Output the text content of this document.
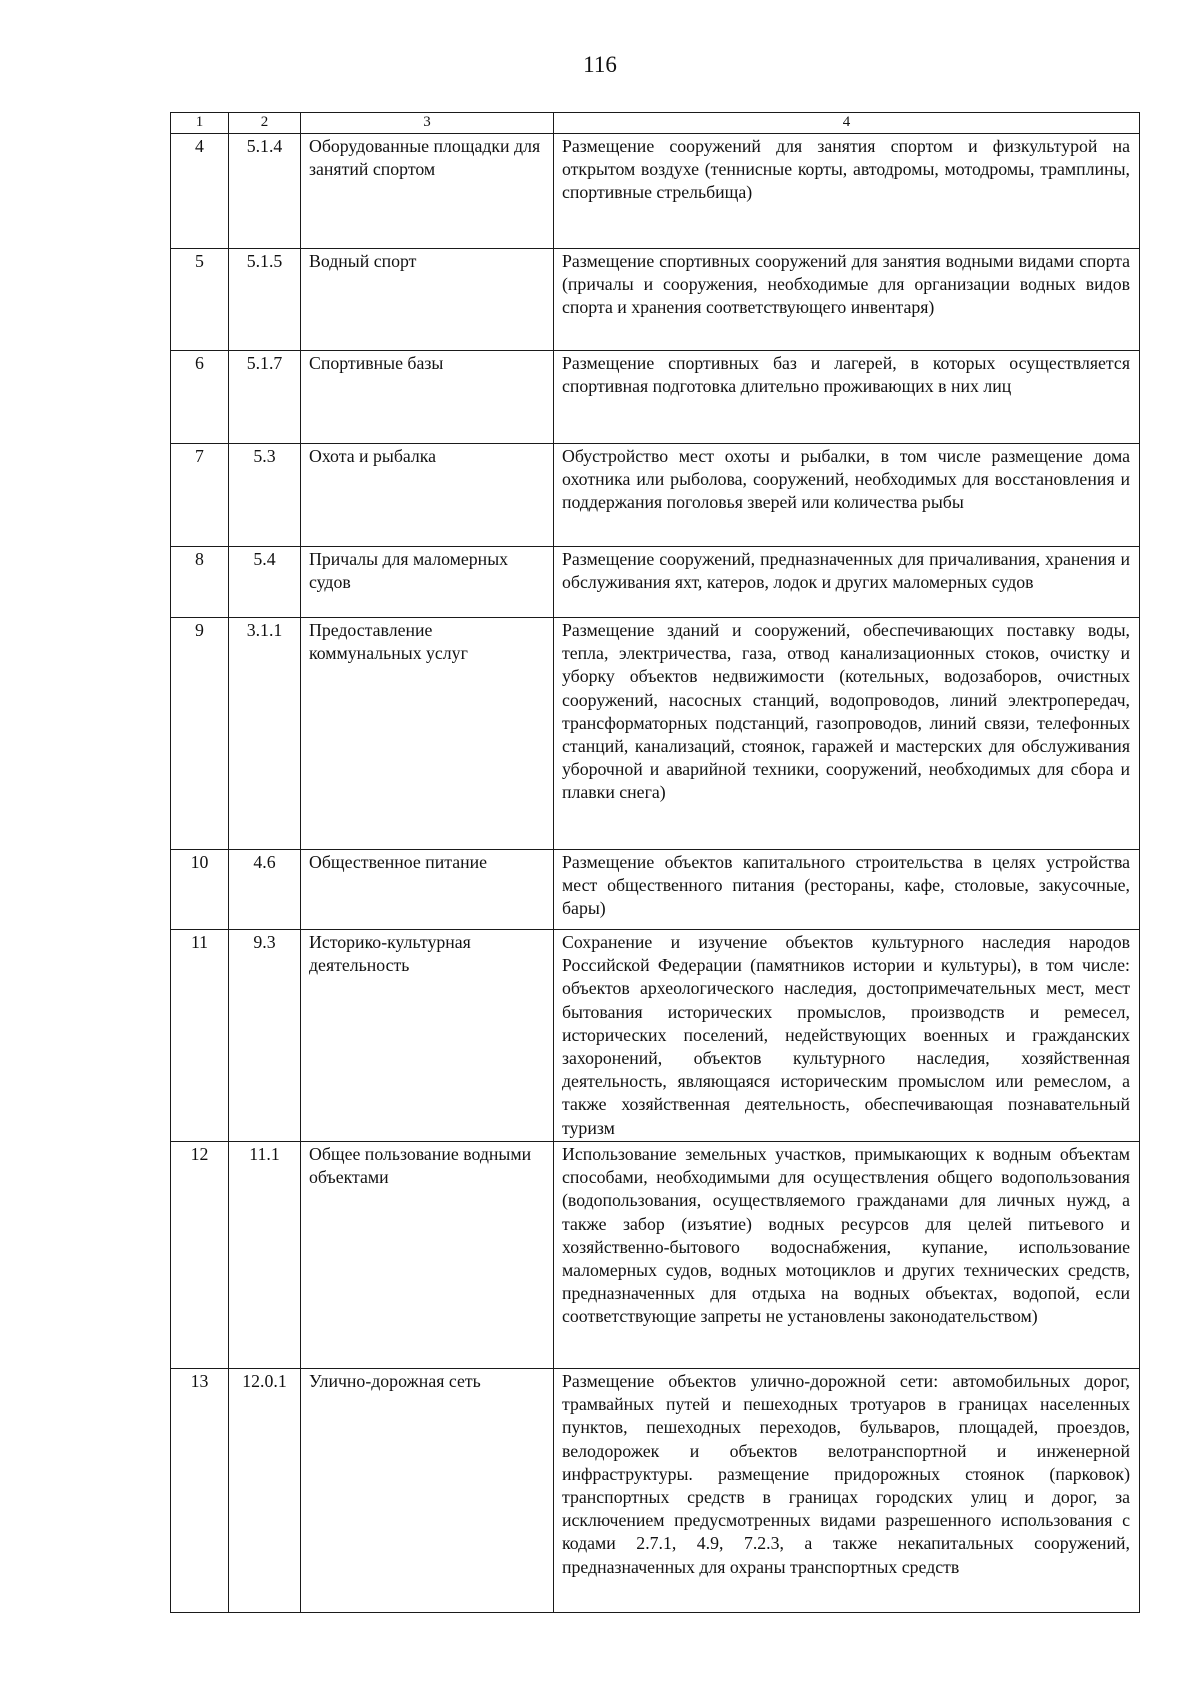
116
1	2	3	4
4	5.1.4	Оборудованные площадки для занятий спортом	Размещение сооружений для занятия спортом и физкультурой на открытом воздухе (теннисные корты, автодромы, мотодромы, трамплины, спортивные стрельбища)
5	5.1.5	Водный спорт	Размещение спортивных сооружений для занятия водными видами спорта (причалы и сооружения, необходимые для организации водных видов спорта и хранения соответствующего инвентаря)
6	5.1.7	Спортивные базы	Размещение спортивных баз и лагерей, в которых осуществляется спортивная подготовка длительно проживающих в них лиц
7	5.3	Охота и рыбалка	Обустройство мест охоты и рыбалки, в том числе размещение дома охотника или рыболова, сооружений, необходимых для восстановления и поддержания поголовья зверей или количества рыбы
8	5.4	Причалы для маломерных судов	Размещение сооружений, предназначенных для причаливания, хранения и обслуживания яхт, катеров, лодок и других маломерных судов
9	3.1.1	Предоставление коммунальных услуг	Размещение зданий и сооружений, обеспечивающих поставку воды, тепла, электричества, газа, отвод канализационных стоков, очистку и уборку объектов недвижимости (котельных, водозаборов, очистных сооружений, насосных станций, водопроводов, линий электропередач, трансформаторных подстанций, газопроводов, линий связи, телефонных станций, канализаций, стоянок, гаражей и мастерских для обслуживания уборочной и аварийной техники, сооружений, необходимых для сбора и плавки снега)
10	4.6	Общественное питание	Размещение объектов капитального строительства в целях устройства мест общественного питания (рестораны, кафе, столовые, закусочные, бары)
11	9.3	Историко-культурная деятельность	Сохранение и изучение объектов культурного наследия народов Российской Федерации (памятников истории и культуры), в том числе: объектов археологического наследия, достопримечательных мест, мест бытования исторических промыслов, производств и ремесел, исторических поселений, недействующих военных и гражданских захоронений, объектов культурного наследия, хозяйственная деятельность, являющаяся историческим промыслом или ремеслом, а также хозяйственная деятельность, обеспечивающая познавательный туризм
12	11.1	Общее пользование водными объектами	Использование земельных участков, примыкающих к водным объектам способами, необходимыми для осуществления общего водопользования (водопользования, осуществляемого гражданами для личных нужд, а также забор (изъятие) водных ресурсов для целей питьевого и хозяйственно-бытового водоснабжения, купание, использование маломерных судов, водных мотоциклов и других технических средств, предназначенных для отдыха на водных объектах, водопой, если соответствующие запреты не установлены законодательством)
13	12.0.1	Улично-дорожная сеть	Размещение объектов улично-дорожной сети: автомобильных дорог, трамвайных путей и пешеходных тротуаров в границах населенных пунктов, пешеходных переходов, бульваров, площадей, проездов, велодорожек и объектов велотранспортной и инженерной инфраструктуры. размещение придорожных стоянок (парковок) транспортных средств в границах городских улиц и дорог, за исключением предусмотренных видами разрешенного использования с кодами 2.7.1, 4.9, 7.2.3, а также некапитальных сооружений, предназначенных для охраны транспортных средств
